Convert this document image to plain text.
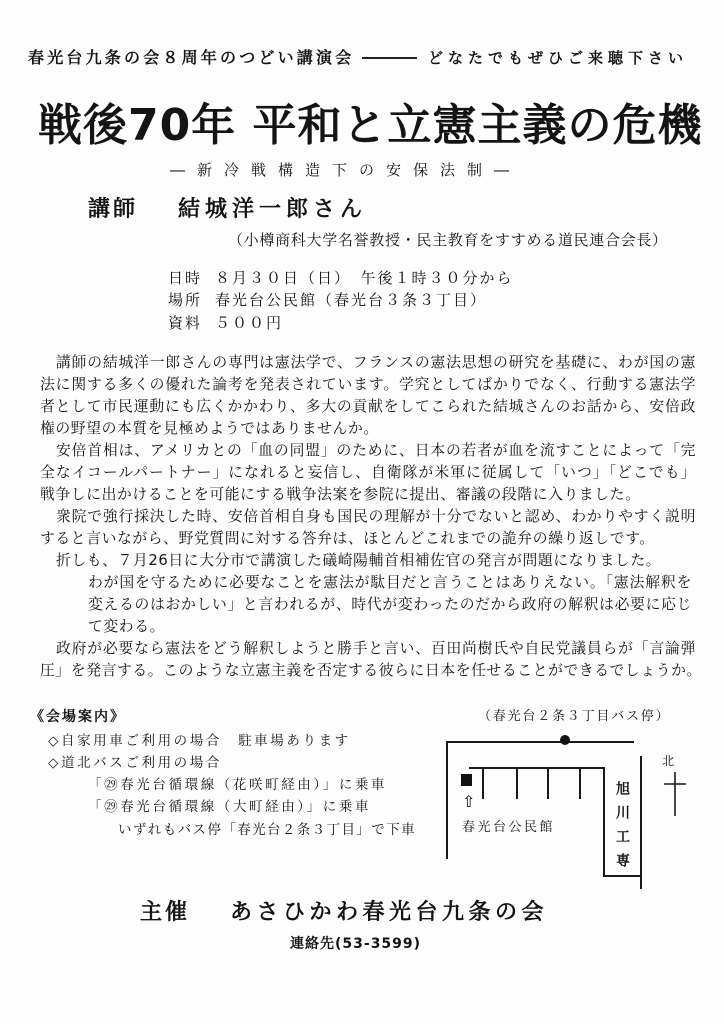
春光台九条の会８周年のつどい講演会	どなたでもぜひご来聴下さい
戦後70年 平和と立憲主義の危機
―新冷戦構造下の安保法制―
講師 結城洋一郎さん
（小樽商科大学名誉教授・民主教育をすすめる道民連合会長）
日時 ８月３０日（日）　午後１時３０分から
場所 春光台公民館（春光台３条３丁目）
資料 ５００円
講師の結城洋一郎さんの専門は憲法学で、フランスの憲法思想の研究を基礎に、わが国の憲
法に関する多くの優れた論考を発表されています。学究としてばかりでなく、行動する憲法学
者として市民運動にも広くかかわり、多大の貢献をしてこられた結城さんのお話から、安倍政
権の野望の本質を見極めようではありませんか。
安倍首相は、アメリカとの「血の同盟」のために、日本の若者が血を流すことによって「完
全なイコールパートナー」になれると妄信し、自衛隊が米軍に従属して「いつ」「どこでも」
戦争しに出かけることを可能にする戦争法案を参院に提出、審議の段階に入りました。
衆院で強行採決した時、安倍首相自身も国民の理解が十分でないと認め、わかりやすく説明
すると言いながら、野党質問に対する答弁は、ほとんどこれまでの詭弁の繰り返しです。
折しも、７月26日に大分市で講演した礒崎陽輔首相補佐官の発言が問題になりました。
わが国を守るために必要なことを憲法が駄目だと言うことはありえない。「憲法解釈を
変えるのはおかしい」と言われるが、時代が変わったのだから政府の解釈は必要に応じ
て変わる。
政府が必要なら憲法をどう解釈しようと勝手と言い、百田尚樹氏や自民党議員らが「言論弾
圧」を発言する。このような立憲主義を否定する彼らに日本を任せることができるでしょうか。
《会場案内》
◇自家用車ご利用の場合　駐車場あります
◇道北バスご利用の場合
「㉙春光台循環線（花咲町経由）」に乗車
「㉙春光台循環線（大町経由）」に乗車
いずれもバス停「春光台２条３丁目」で下車
（春光台２条３丁目バス停）
北
旭川工専
⇧
春光台公民館
主催 あさひかわ春光台九条の会
連絡先(53-3599)
